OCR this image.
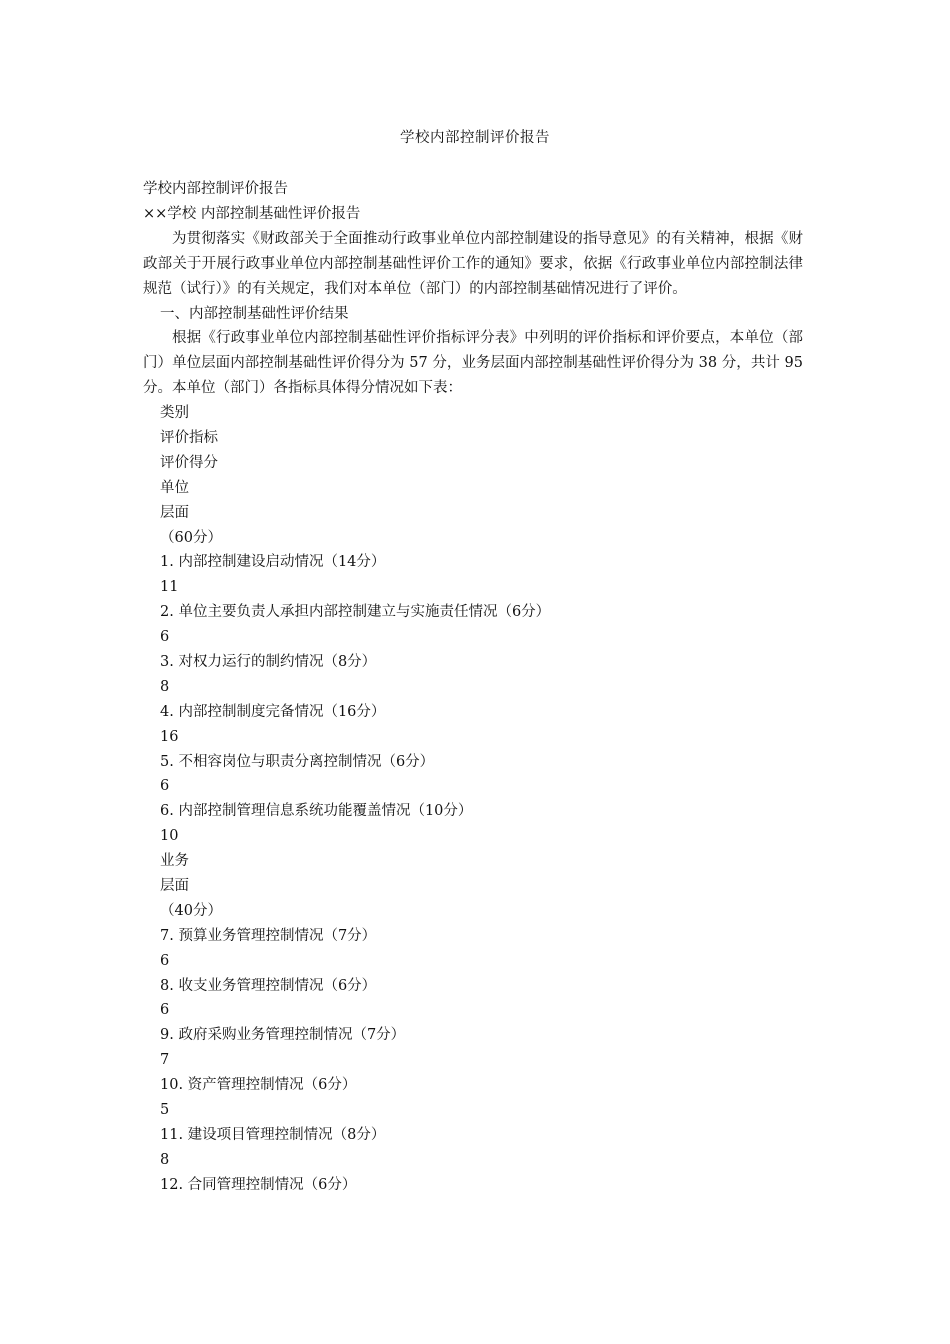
学校内部控制评价报告
学校内部控制评价报告
××学校 内部控制基础性评价报告
为贯彻落实《财政部关于全面推动行政事业单位内部控制建设的指导意见》的有关精神，根据《财政部关于开展行政事业单位内部控制基础性评价工作的通知》要求，依据《行政事业单位内部控制法律规范（试行）》的有关规定，我们对本单位（部门）的内部控制基础情况进行了评价。
一、内部控制基础性评价结果
根据《行政事业单位内部控制基础性评价指标评分表》中列明的评价指标和评价要点，本单位（部门）单位层面内部控制基础性评价得分为 57 分，业务层面内部控制基础性评价得分为 38 分，共计 95 分。本单位（部门）各指标具体得分情况如下表：
类别
评价指标
评价得分
单位
层面
（60分）
1. 内部控制建设启动情况（14分）
11
2. 单位主要负责人承担内部控制建立与实施责任情况（6分）
6
3. 对权力运行的制约情况（8分）
8
4. 内部控制制度完备情况（16分）
16
5. 不相容岗位与职责分离控制情况（6分）
6
6. 内部控制管理信息系统功能覆盖情况（10分）
10
业务
层面
（40分）
7. 预算业务管理控制情况（7分）
6
8. 收支业务管理控制情况（6分）
6
9. 政府采购业务管理控制情况（7分）
7
10. 资产管理控制情况（6分）
5
11. 建设项目管理控制情况（8分）
8
12. 合同管理控制情况（6分）
